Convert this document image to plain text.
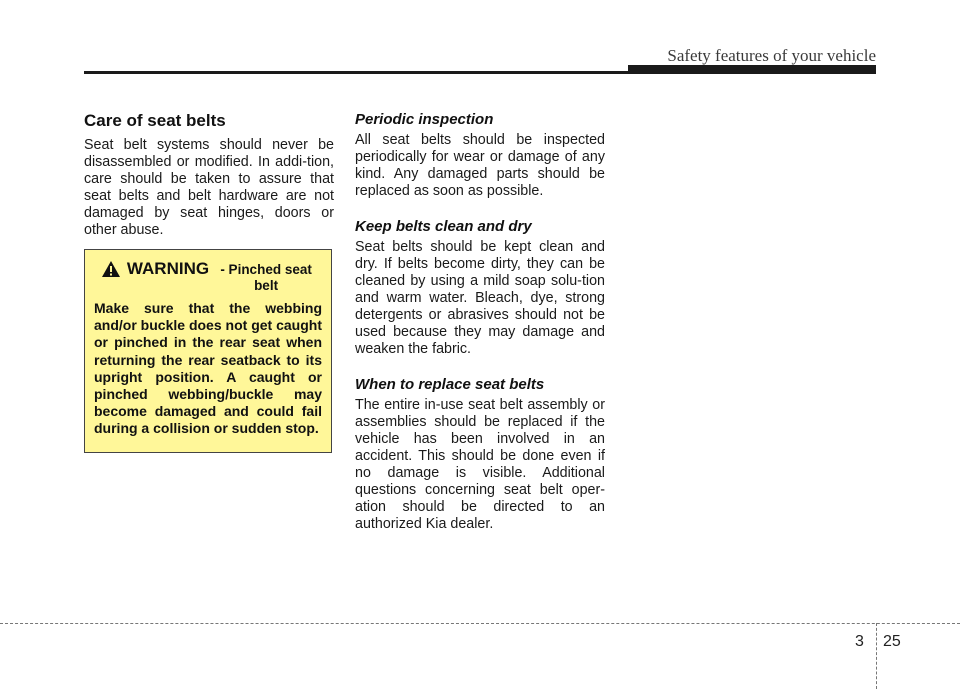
Safety features of your vehicle
Care of seat belts

Seat belt systems should never be disassembled or modified. In addi-tion, care should be taken to assure that seat belts and belt hardware are not damaged by seat hinges, doors or other abuse.

WARNING - Pinched seat belt

Make sure that the webbing and/or buckle does not get caught or pinched in the rear seat when returning the rear seatback to its upright position. A caught or pinched webbing/buckle may become damaged and could fail during a collision or sudden stop.

Periodic inspection

All seat belts should be inspected periodically for wear or damage of any kind. Any damaged parts should be replaced as soon as possible.

Keep belts clean and dry

Seat belts should be kept clean and dry. If belts become dirty, they can be cleaned by using a mild soap solu-tion and warm water. Bleach, dye, strong detergents or abrasives should not be used because they may damage and weaken the fabric.

When to replace seat belts

The entire in-use seat belt assembly or assemblies should be replaced if the vehicle has been involved in an accident. This should be done even if no damage is visible. Additional questions concerning seat belt oper-ation should be directed to an authorized Kia dealer.

3 25
